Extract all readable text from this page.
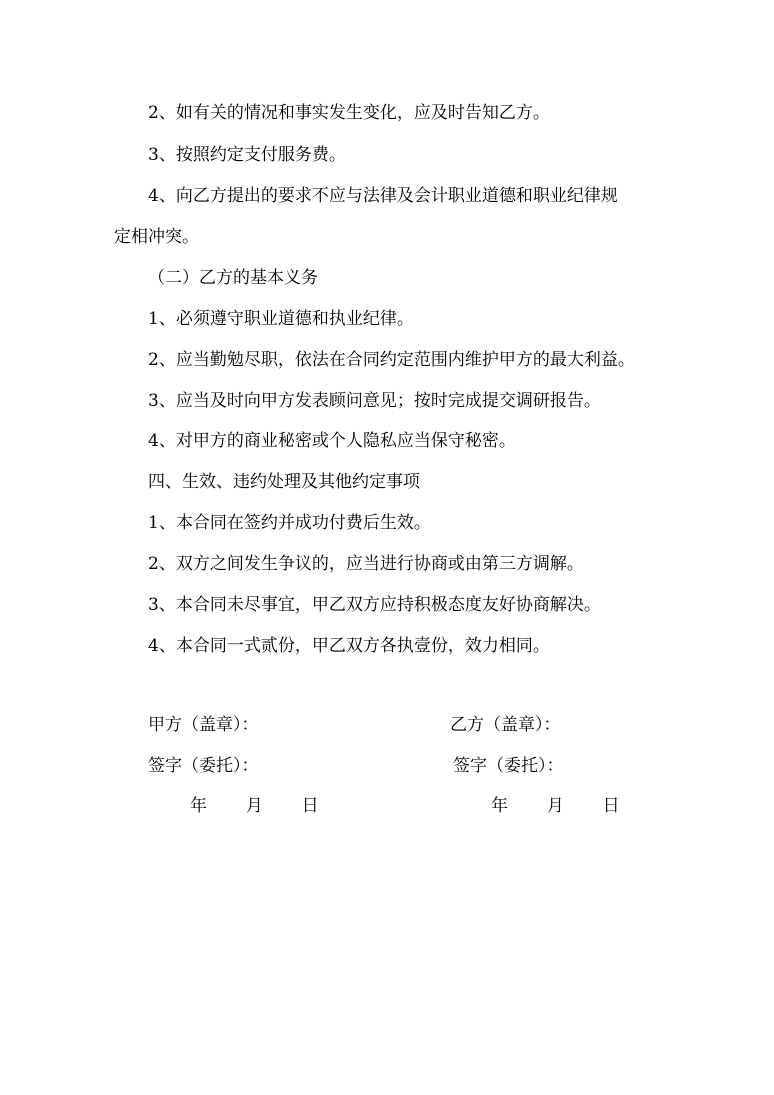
2、如有关的情况和事实发生变化，应及时告知乙方。
3、按照约定支付服务费。
4、向乙方提出的要求不应与法律及会计职业道德和职业纪律规
定相冲突。
（二）乙方的基本义务
1、必须遵守职业道德和执业纪律。
2、应当勤勉尽职，依法在合同约定范围内维护甲方的最大利益。
3、应当及时向甲方发表顾问意见；按时完成提交调研报告。
4、对甲方的商业秘密或个人隐私应当保守秘密。
四、生效、违约处理及其他约定事项
1、本合同在签约并成功付费后生效。
2、双方之间发生争议的，应当进行协商或由第三方调解。
3、本合同未尽事宜，甲乙双方应持积极态度友好协商解决。
4、本合同一式贰份，甲乙双方各执壹份，效力相同。
甲方（盖章）：	乙方（盖章）：
签字（委托）：	签字（委托）：
年 月 日	年 月 日
